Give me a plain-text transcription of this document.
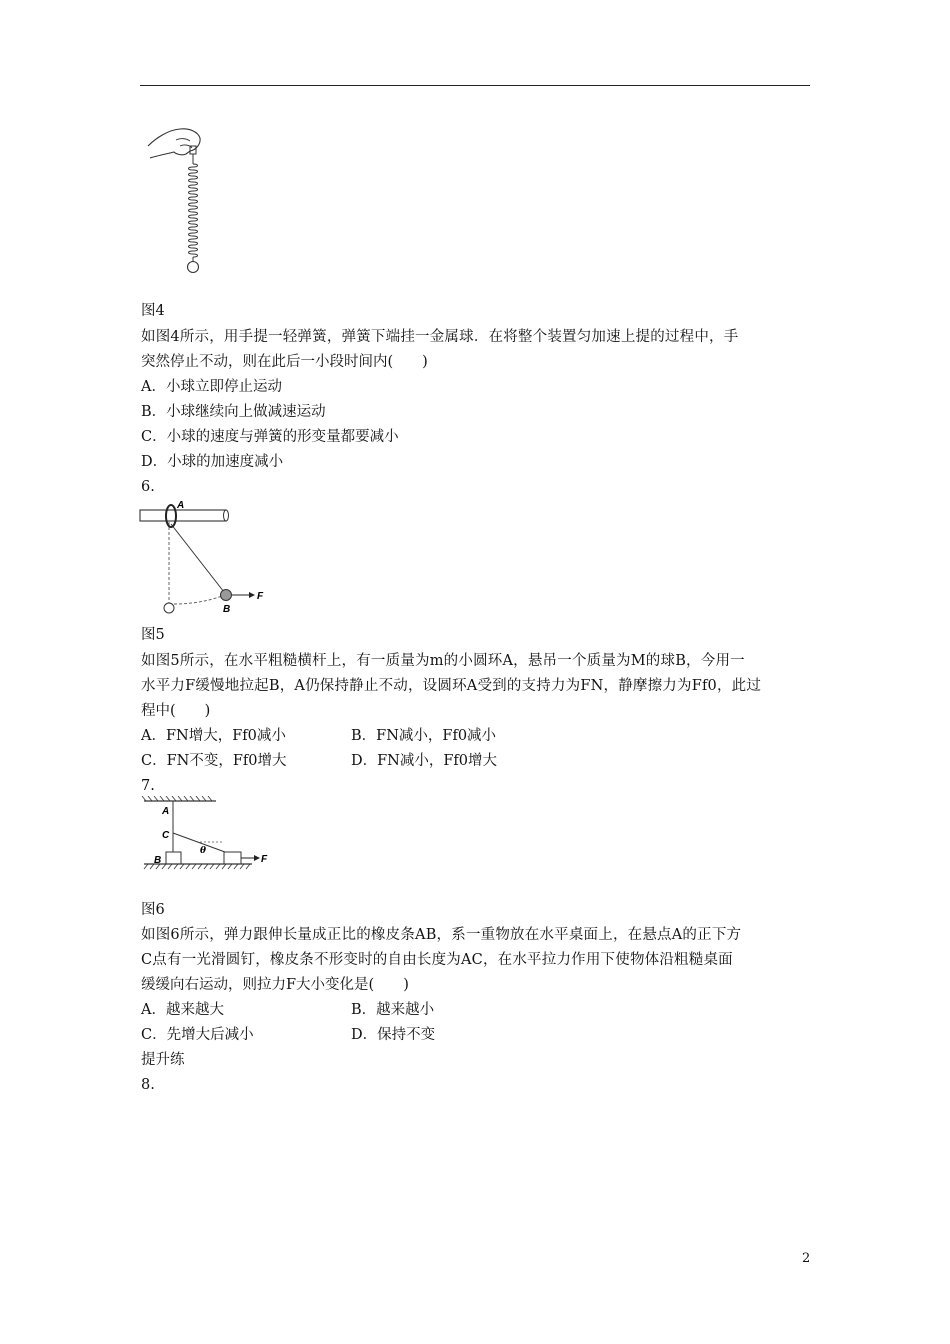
图4
如图4所示，用手提一轻弹簧，弹簧下端挂一金属球．在将整个装置匀加速上提的过程中，手
突然停止不动，则在此后一小段时间内(　　)
A．小球立即停止运动
B．小球继续向上做减速运动
C．小球的速度与弹簧的形变量都要减小
D．小球的加速度减小
6.
A
F
B
图5
如图5所示，在水平粗糙横杆上，有一质量为m的小圆环A，悬吊一个质量为M的球B，今用一
水平力F缓慢地拉起B，A仍保持静止不动，设圆环A受到的支持力为FN，静摩擦力为Ff0，此过
程中(　　)
A．FN增大，Ff0减小	B．FN减小，Ff0减小
C．FN不变，Ff0增大	D．FN减小，Ff0增大
7.
A
C
θ
B	F
图6
如图6所示，弹力跟伸长量成正比的橡皮条AB，系一重物放在水平桌面上，在悬点A的正下方
C点有一光滑圆钉，橡皮条不形变时的自由长度为AC，在水平拉力作用下使物体沿粗糙桌面
缓缓向右运动，则拉力F大小变化是(　　)
A．越来越大	B．越来越小
C．先增大后减小	D．保持不变
提升练
8.
2
